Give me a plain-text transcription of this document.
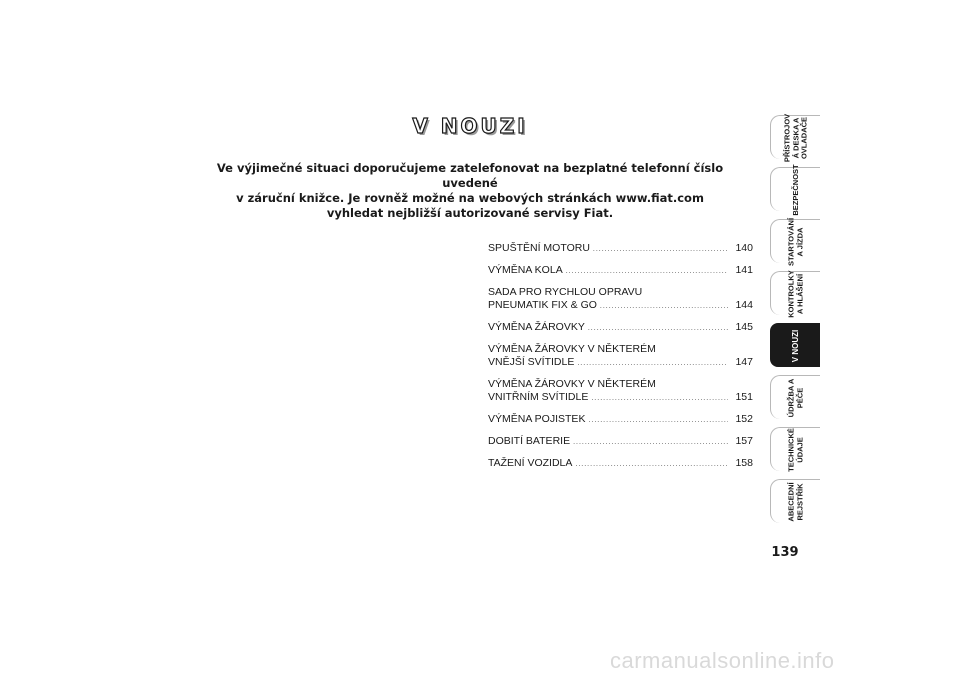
V NOUZI
Ve výjimečné situaci doporučujeme zatelefonovat na bezplatné telefonní číslo uvedené
v záruční knižce. Je rovněž možné na webových stránkách www.fiat.com
vyhledat nejbližší autorizované servisy Fiat.
SPUŠTĚNÍ MOTORU .....	140
VÝMĚNA KOLA .....	141
SADA PRO RYCHLOU OPRAVU
PNEUMATIK FIX & GO .....	144
VÝMĚNA ŽÁROVKY .....	145
VÝMĚNA ŽÁROVKY V NĚKTERÉM
VNĚJŠÍ SVÍTIDLE .....	147
VÝMĚNA ŽÁROVKY V NĚKTERÉM
VNITŘNÍM SVÍTIDLE .....	151
VÝMĚNA POJISTEK .....	152
DOBITÍ BATERIE .....	157
TAŽENÍ VOZIDLA .....	158
PŘÍSTROJOV
Á DESKA A
OVLADAČE
BEZPEČNOST
STARTOVÁNÍ
A JÍZDA
KONTROLKY
A HLÁŠENÍ
V NOUZI
ÚDRŽBA A
PÉČE
TECHNICKÉ
ÚDAJE
ABECEDNÍ
REJSTŘÍK
139
carmanualsonline.info
